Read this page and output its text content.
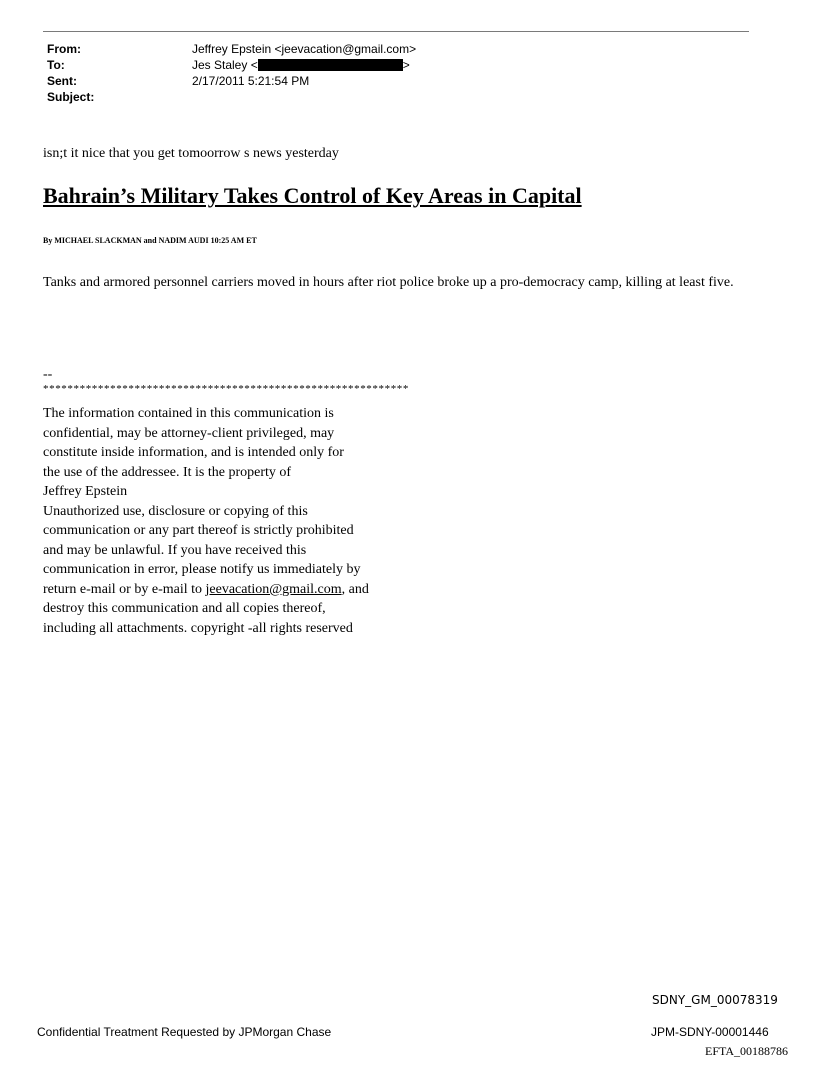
From:	Jeffrey Epstein <jeevacation@gmail.com>
To:	Jes Staley <	>
Sent:	2/17/2011 5:21:54 PM
Subject:
isn;t it nice that you get tomoorrow s news yesterday
Bahrain’s Military Takes Control of Key Areas in Capital
By MICHAEL SLACKMAN and NADIM AUDI 10:25 AM ET
Tanks and armored personnel carriers moved in hours after riot police broke up a pro-democracy camp, killing at least five.
--
************************************************************
The information contained in this communication is
confidential, may be attorney-client privileged, may
constitute inside information, and is intended only for
the use of the addressee. It is the property of
Jeffrey Epstein
Unauthorized use, disclosure or copying of this
communication or any part thereof is strictly prohibited
and may be unlawful. If you have received this
communication in error, please notify us immediately by
return e-mail or by e-mail to jeevacation@gmail.com, and
destroy this communication and all copies thereof,
including all attachments. copyright -all rights reserved
SDNY_GM_00078319
Confidential Treatment Requested by JPMorgan Chase	JPM-SDNY-00001446
EFTA_00188786
